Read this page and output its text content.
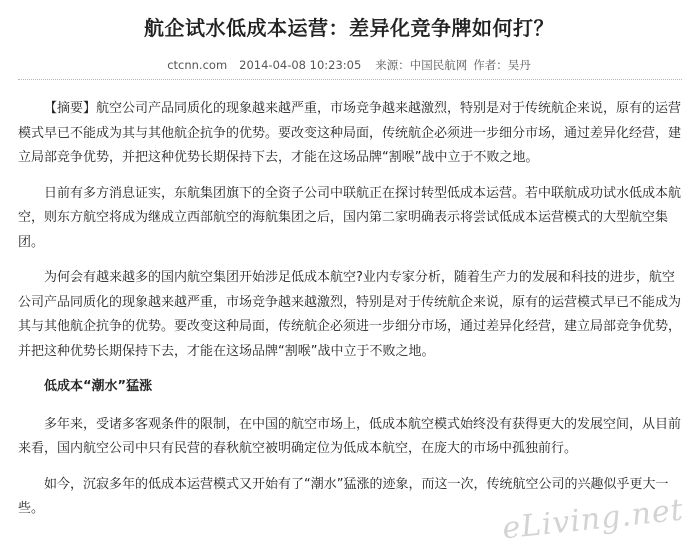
航企试水低成本运营：差异化竞争牌如何打？
ctcnn.com 2014-04-08 10:23:05 来源：中国民航网 作者：吴丹

【摘要】航空公司产品同质化的现象越来越严重，市场竞争越来越激烈，特别是对于传统航企来说，原有的运营模式早已不能成为其与其他航企抗争的优势。要改变这种局面，传统航企必须进一步细分市场，通过差异化经营，建立局部竞争优势，并把这种优势长期保持下去，才能在这场品牌“割喉”战中立于不败之地。

日前有多方消息证实，东航集团旗下的全资子公司中联航正在探讨转型低成本运营。若中联航成功试水低成本航空，则东方航空将成为继成立西部航空的海航集团之后，国内第二家明确表示将尝试低成本运营模式的大型航空集团。

为何会有越来越多的国内航空集团开始涉足低成本航空?业内专家分析，随着生产力的发展和科技的进步，航空公司产品同质化的现象越来越严重，市场竞争越来越激烈，特别是对于传统航企来说，原有的运营模式早已不能成为其与其他航企抗争的优势。要改变这种局面，传统航企必须进一步细分市场，通过差异化经营，建立局部竞争优势，并把这种优势长期保持下去，才能在这场品牌“割喉”战中立于不败之地。

低成本“潮水”猛涨

多年来，受诸多客观条件的限制，在中国的航空市场上，低成本航空模式始终没有获得更大的发展空间，从目前来看，国内航空公司中只有民营的春秋航空被明确定位为低成本航空，在庞大的市场中孤独前行。

如今，沉寂多年的低成本运营模式又开始有了“潮水”猛涨的迹象，而这一次，传统航空公司的兴趣似乎更大一些。	eLiving.net
